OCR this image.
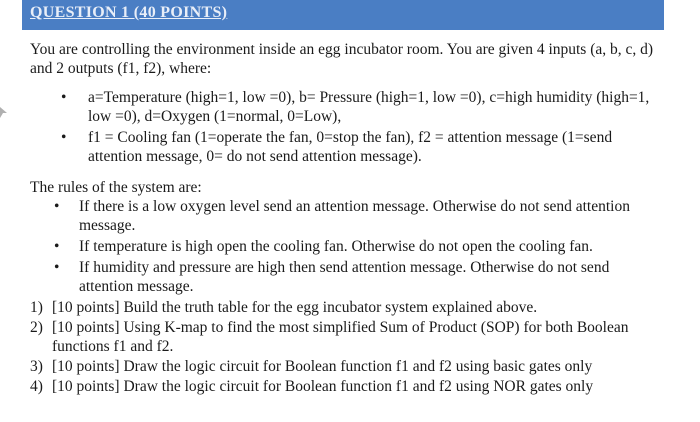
QUESTION 1 (40 POINTS)

You are controlling the environment inside an egg incubator room. You are given 4 inputs (a, b, c, d) and 2 outputs (f1, f2), where:

• a=Temperature (high=1, low =0), b= Pressure (high=1, low =0), c=high humidity (high=1, low =0), d=Oxygen (1=normal, 0=Low),
• f1 = Cooling fan (1=operate the fan, 0=stop the fan), f2 = attention message (1=send attention message, 0= do not send attention message).

The rules of the system are:

• If there is a low oxygen level send an attention message. Otherwise do not send attention message.
• If temperature is high open the cooling fan. Otherwise do not open the cooling fan.
• If humidity and pressure are high then send attention message. Otherwise do not send attention message.
1) [10 points] Build the truth table for the egg incubator system explained above.
2) [10 points] Using K-map to find the most simplified Sum of Product (SOP) for both Boolean functions f1 and f2.
3) [10 points] Draw the logic circuit for Boolean function f1 and f2 using basic gates only
4) [10 points] Draw the logic circuit for Boolean function f1 and f2 using NOR gates only
